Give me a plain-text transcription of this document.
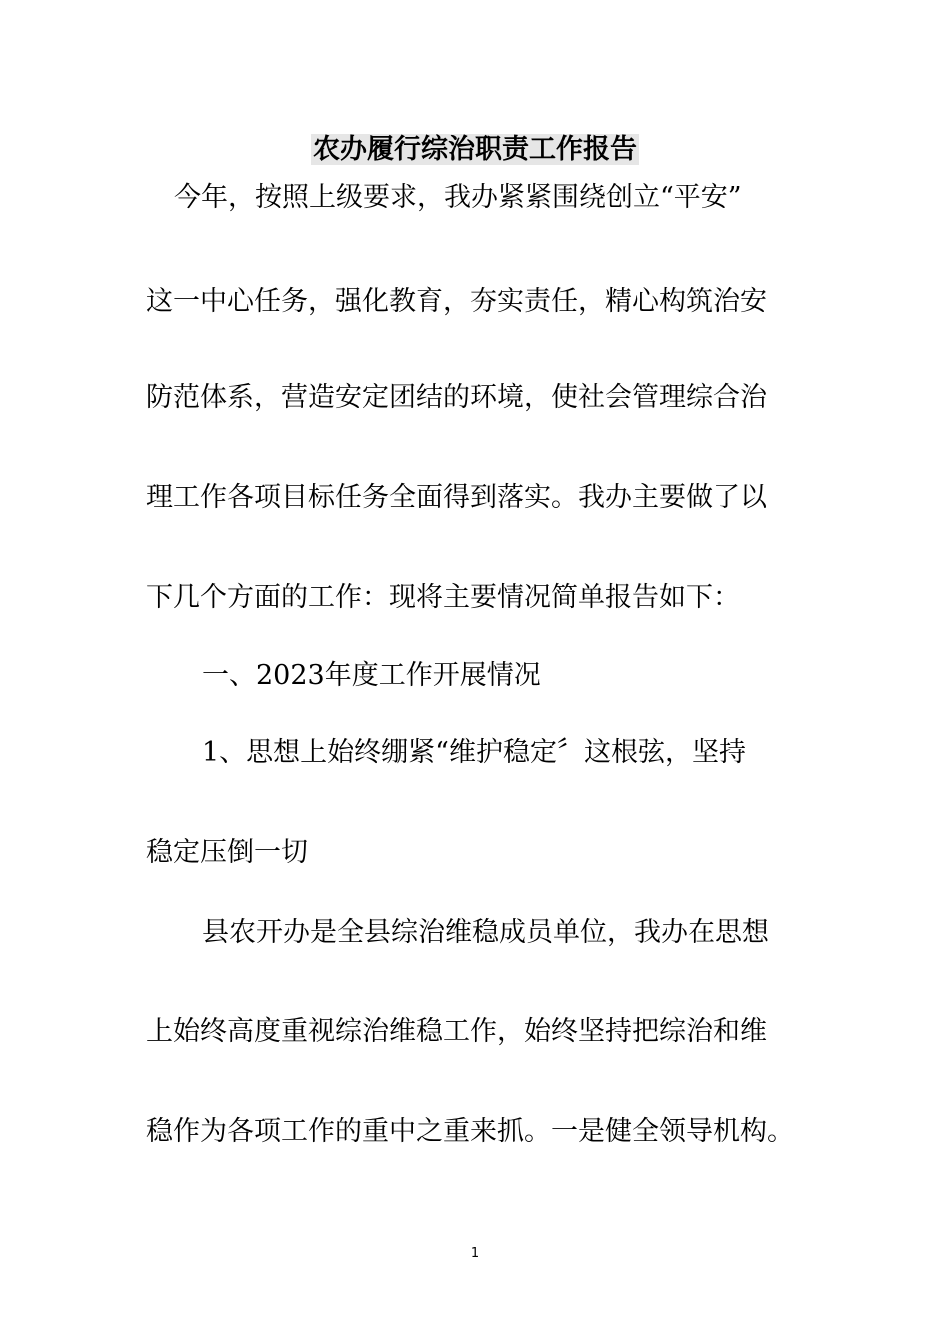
农办履行综治职责工作报告
今年，按照上级要求，我办紧紧围绕创立“平安”
这一中心任务，强化教育，夯实责任，精心构筑治安
防范体系，营造安定团结的环境，使社会管理综合治
理工作各项目标任务全面得到落实。我办主要做了以
下几个方面的工作：现将主要情况简单报告如下：
一、2023年度工作开展情况
1、思想上始终绷紧“维护稳定〞这根弦，坚持
稳定压倒一切
县农开办是全县综治维稳成员单位，我办在思想
上始终高度重视综治维稳工作，始终坚持把综治和维
稳作为各项工作的重中之重来抓。一是健全领导机构。
1
